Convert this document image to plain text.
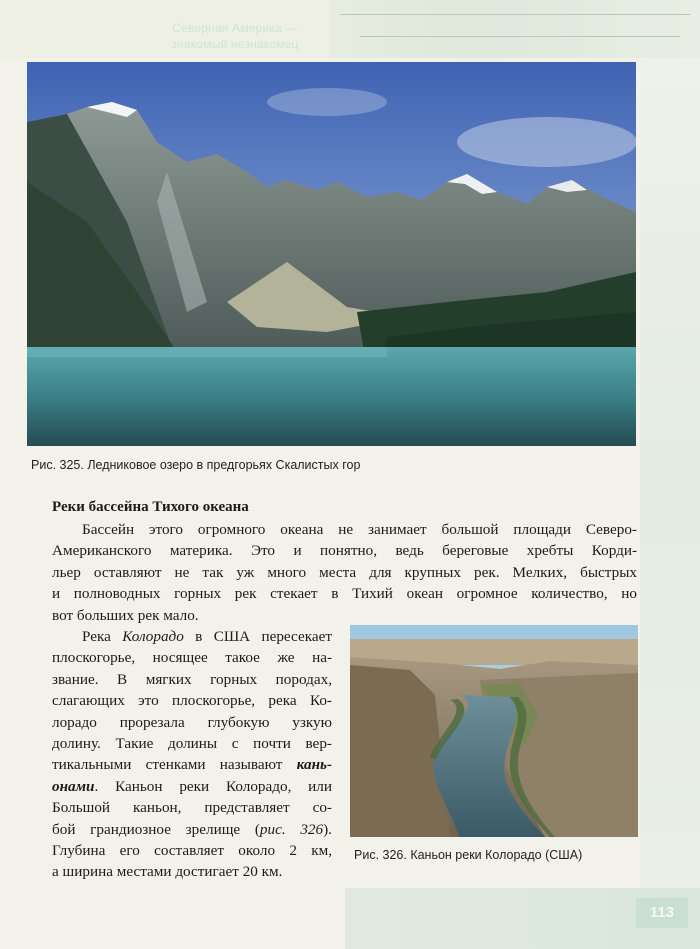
Северная Америка —
знакомый незнакомец
Рис. 325. Ледниковое озеро в предгорьях Скалистых гор
Реки бассейна Тихого океана
Бассейн этого огромного океана не занимает большой площади Северо-
Американского материка. Это и понятно, ведь береговые хребты Корди-
льер оставляют не так уж много места для крупных рек. Мелких, быстрых
и полноводных горных рек стекает в Тихий океан огромное количество, но
вот больших рек мало.
Река Колорадо в США пересекает
плоскогорье, носящее такое же на-
звание. В мягких горных породах,
слагающих это плоскогорье, река Ко-
лорадо прорезала глубокую узкую
долину. Такие долины с почти вер-
тикальными стенками называют кань-
онами. Каньон реки Колорадо, или
Большой каньон, представляет со-
бой грандиозное зрелище (рис. 326).
Глубина его составляет около 2 км,
а ширина местами достигает 20 км.
Рис. 326. Каньон реки Колорадо (США)
113
